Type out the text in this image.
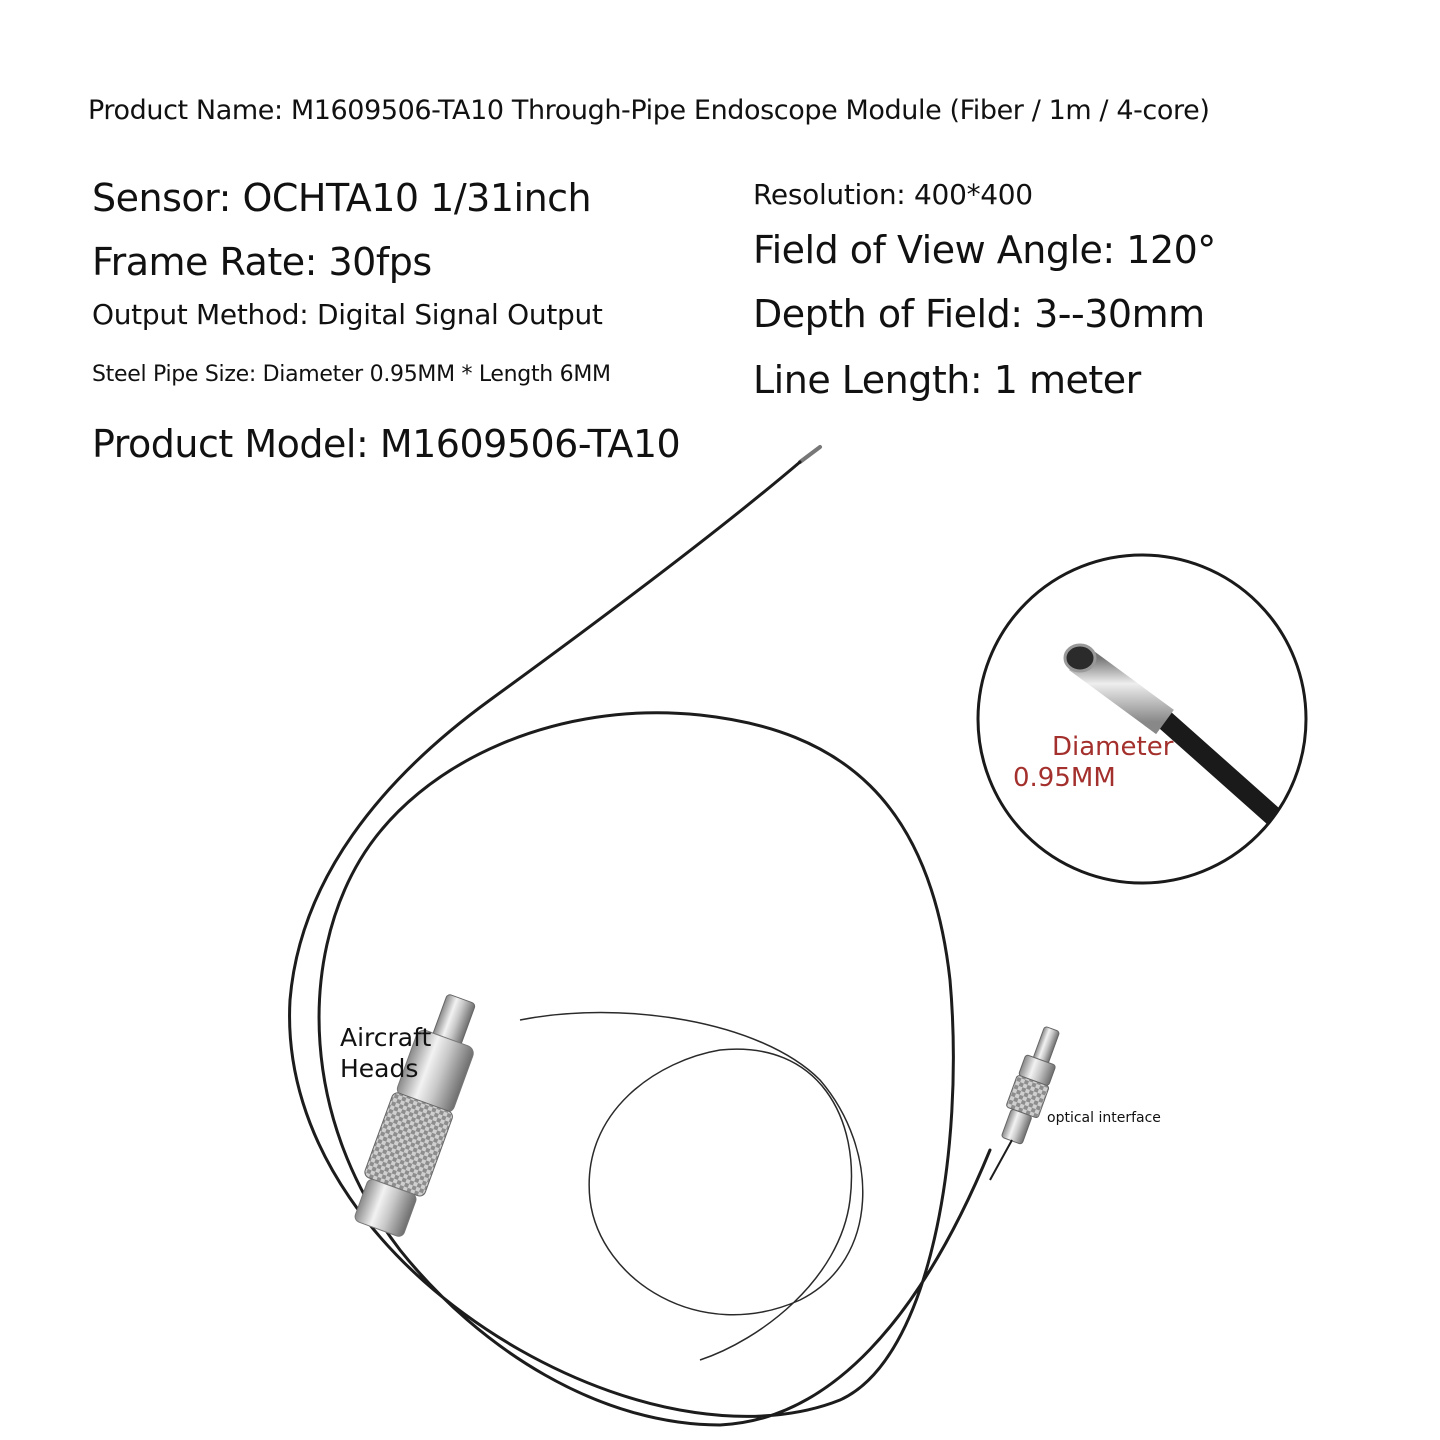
Product Name: M1609506-TA10 Through-Pipe Endoscope Module (Fiber / 1m / 4-core)

Sensor: OCHTA10 1/31inch

Frame Rate: 30fps

Output Method: Digital Signal Output

Steel Pipe Size: Diameter 0.95MM * Length 6MM

Product Model: M1609506-TA10

Resolution: 400*400

Field of View Angle: 120°

Depth of Field: 3--30mm

Line Length: 1 meter

Aircraft
Heads
optical interface
Diameter
0.95MM
